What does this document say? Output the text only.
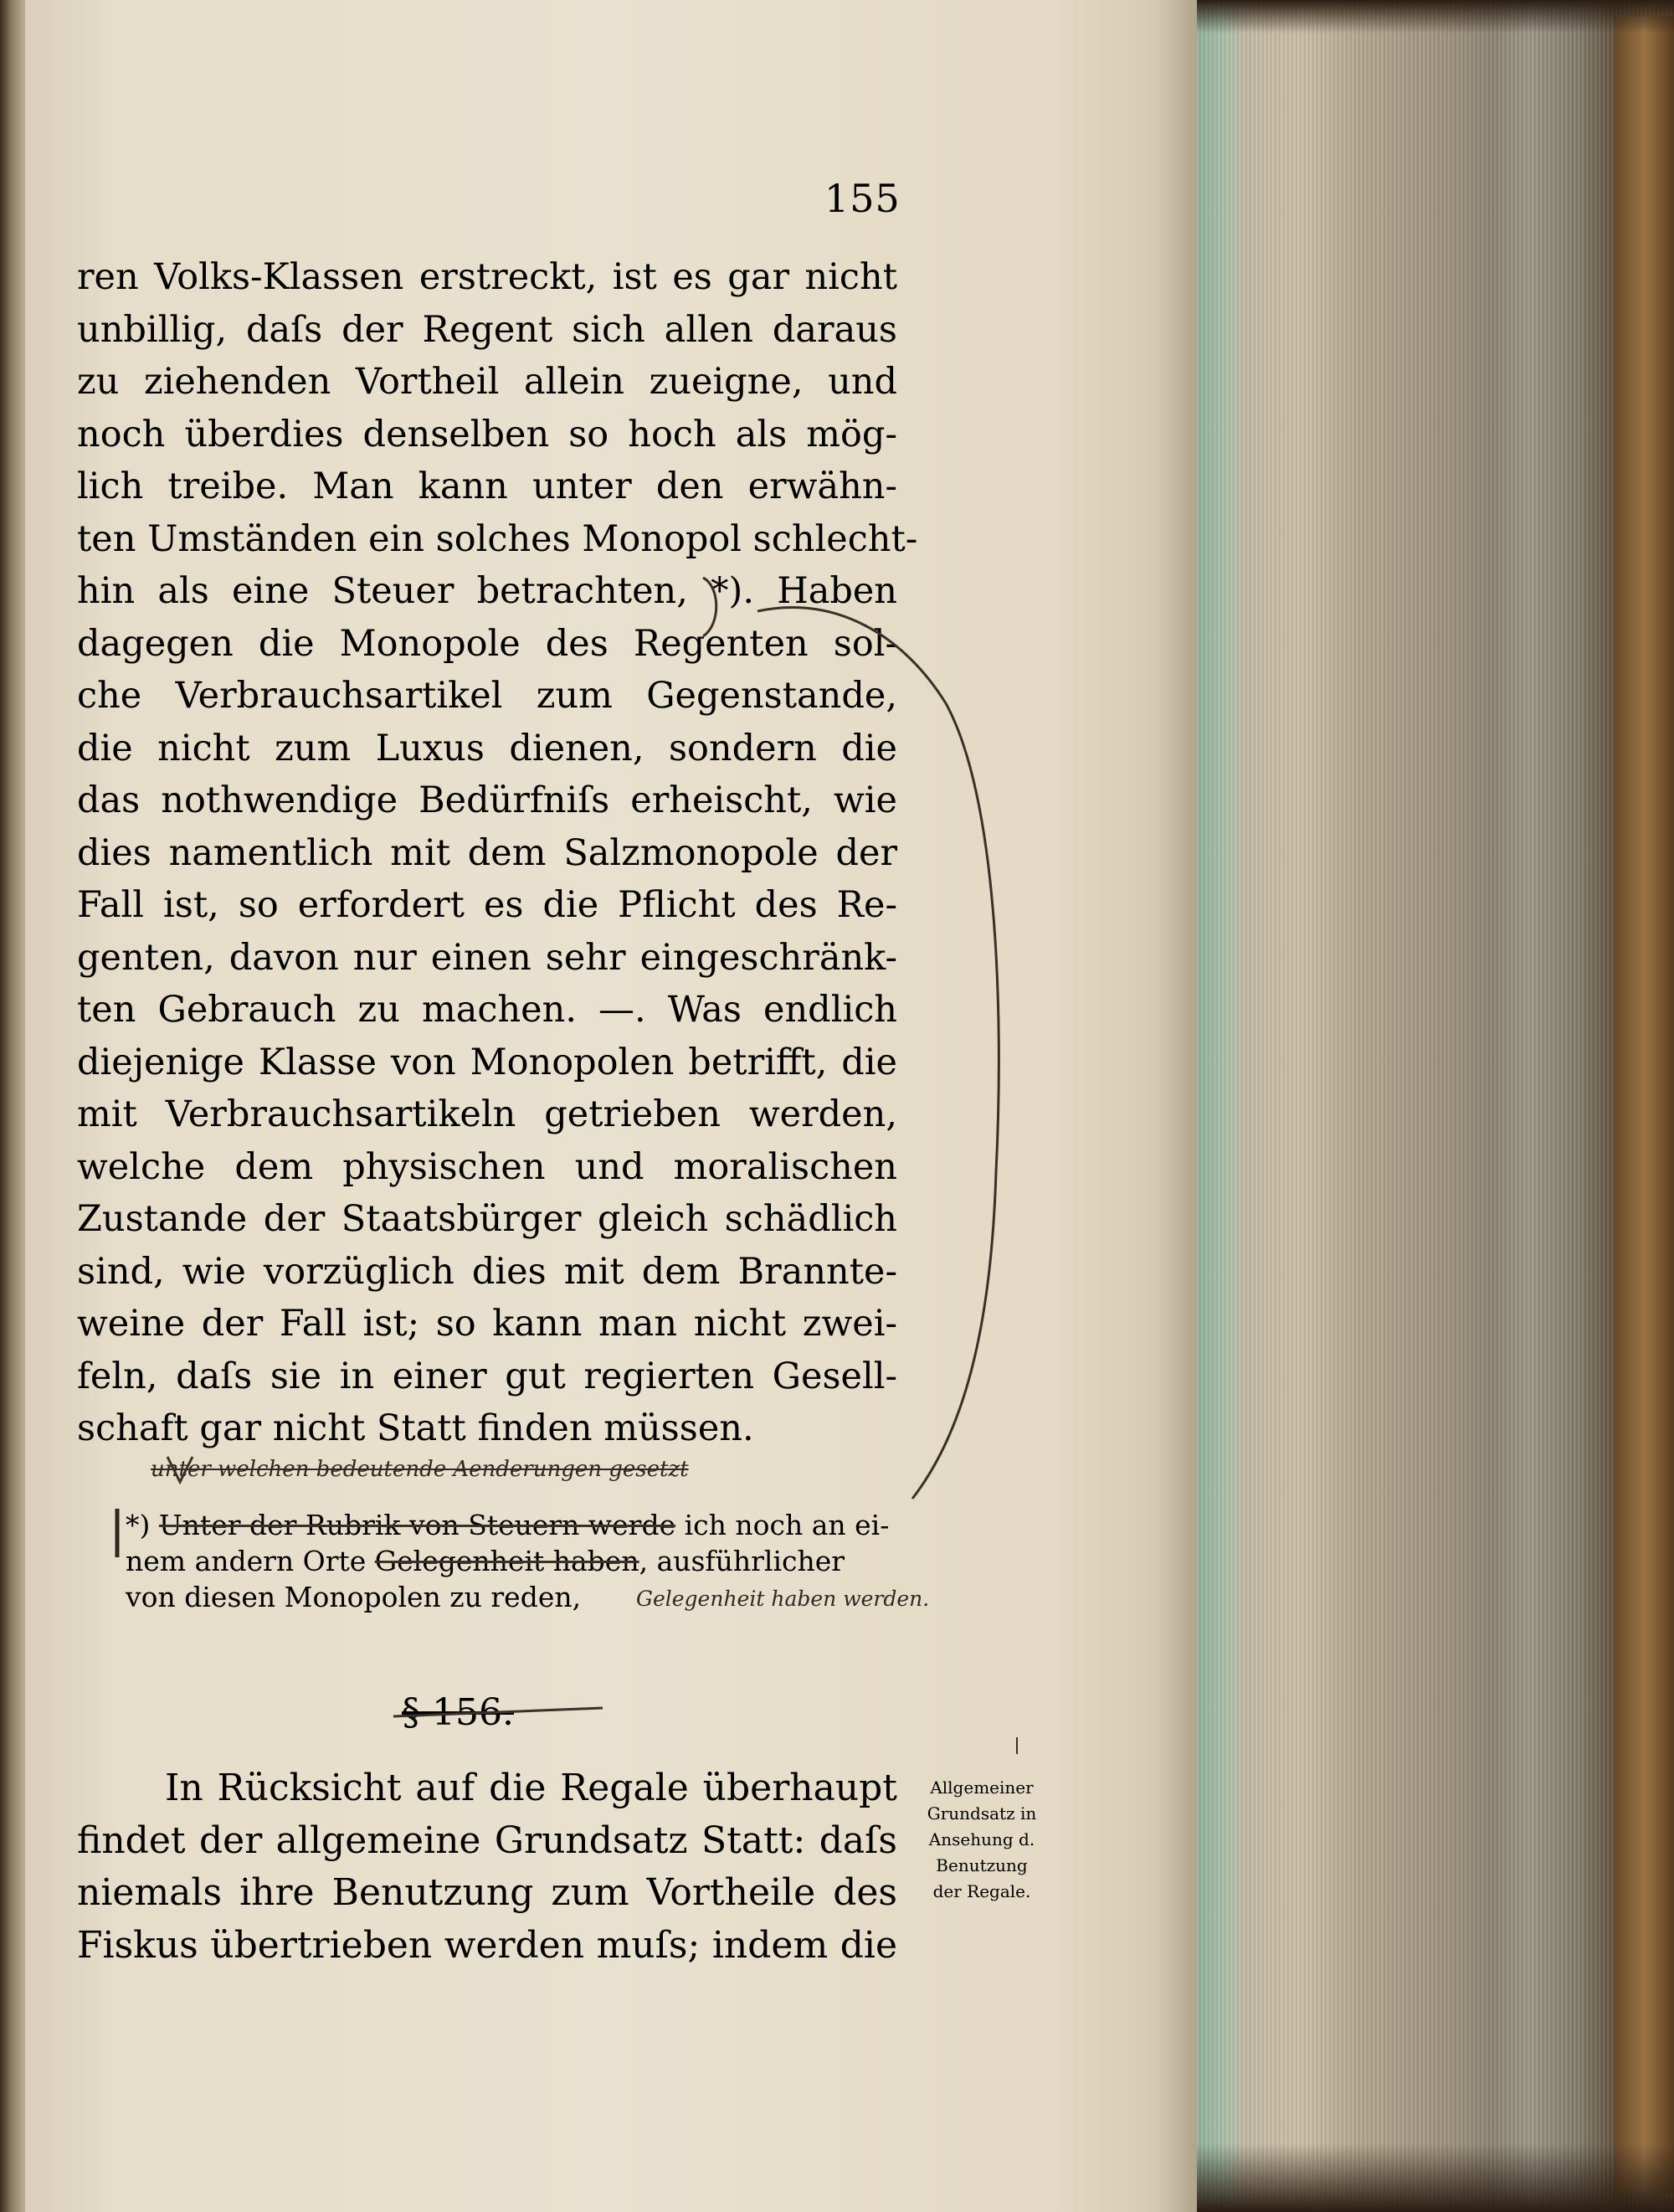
155
ren Volks-Klassen erstreckt, ist es gar nicht
unbillig, daſs der Regent sich allen daraus
zu ziehenden Vortheil allein zueigne, und
noch überdies denselben so hoch als mög-
lich treibe. Man kann unter den erwähn-
ten Umständen ein solches Monopol schlecht-
hin als eine Steuer betrachten, *). Haben
dagegen die Monopole des Regenten sol-
che Verbrauchsartikel zum Gegenstande,
die nicht zum Luxus dienen, sondern die
das nothwendige Bedürfniſs erheischt, wie
dies namentlich mit dem Salzmonopole der
Fall ist, so erfordert es die Pflicht des Re-
genten, davon nur einen sehr eingeschränk-
ten Gebrauch zu machen. —. Was endlich
diejenige Klasse von Monopolen betrifft, die
mit Verbrauchsartikeln getrieben werden,
welche dem physischen und moralischen
Zustande der Staatsbürger gleich schädlich
sind, wie vorzüglich dies mit dem Brannte-
weine der Fall ist; so kann man nicht zwei-
feln, daſs sie in einer gut regierten Gesell-
schaft gar nicht Statt finden müssen.
unter welchen bedeutende Aenderungen gesetzt
*) Unter der Rubrik von Steuern werde ich noch an ei-
nem andern Orte Gelegenheit haben, ausführlicher
von diesen Monopolen zu reden,	Gelegenheit haben werden.
§ 156.
In Rücksicht auf die Regale überhaupt
findet der allgemeine Grundsatz Statt: daſs
niemals ihre Benutzung zum Vortheile des
Fiskus übertrieben werden muſs; indem die
Allgemeiner
Grundsatz in
Ansehung d.
Benutzung
der Regale.
